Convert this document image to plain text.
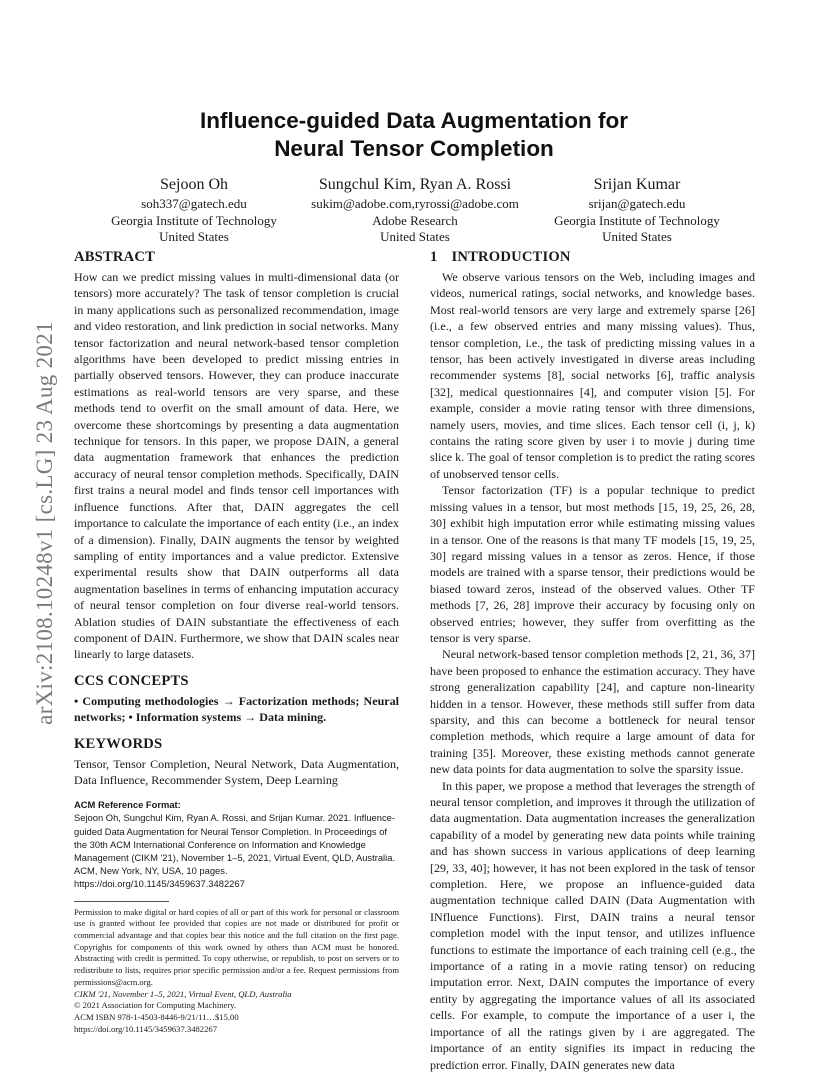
arXiv:2108.10248v1 [cs.LG] 23 Aug 2021
Influence-guided Data Augmentation for
Neural Tensor Completion
Sejoon Oh
soh337@gatech.edu
Georgia Institute of Technology
United States
Sungchul Kim, Ryan A. Rossi
sukim@adobe.com,ryrossi@adobe.com
Adobe Research
United States
Srijan Kumar
srijan@gatech.edu
Georgia Institute of Technology
United States
ABSTRACT

How can we predict missing values in multi-dimensional data (or tensors) more accurately? The task of tensor completion is crucial in many applications such as personalized recommendation, image and video restoration, and link prediction in social networks. Many tensor factorization and neural network-based tensor completion algorithms have been developed to predict missing entries in partially observed tensors. However, they can produce inaccurate estimations as real-world tensors are very sparse, and these methods tend to overfit on the small amount of data. Here, we overcome these shortcomings by presenting a data augmentation technique for tensors. In this paper, we propose DAIN, a general data augmentation framework that enhances the prediction accuracy of neural tensor completion methods. Specifically, DAIN first trains a neural model and finds tensor cell importances with influence functions. After that, DAIN aggregates the cell importance to calculate the importance of each entity (i.e., an index of a dimension). Finally, DAIN augments the tensor by weighted sampling of entity importances and a value predictor. Extensive experimental results show that DAIN outperforms all data augmentation baselines in terms of enhancing imputation accuracy of neural tensor completion on four diverse real-world tensors. Ablation studies of DAIN substantiate the effectiveness of each component of DAIN. Furthermore, we show that DAIN scales near linearly to large datasets.

CCS CONCEPTS

• Computing methodologies → Factorization methods; Neural networks; • Information systems → Data mining.

KEYWORDS

Tensor, Tensor Completion, Neural Network, Data Augmentation, Data Influence, Recommender System, Deep Learning

ACM Reference Format:

Sejoon Oh, Sungchul Kim, Ryan A. Rossi, and Srijan Kumar. 2021. Influence-guided Data Augmentation for Neural Tensor Completion. In Proceedings of the 30th ACM International Conference on Information and Knowledge Management (CIKM '21), November 1–5, 2021, Virtual Event, QLD, Australia. ACM, New York, NY, USA, 10 pages. https://doi.org/10.1145/3459637.3482267

Permission to make digital or hard copies of all or part of this work for personal or classroom use is granted without fee provided that copies are not made or distributed for profit or commercial advantage and that copies bear this notice and the full citation on the first page. Copyrights for components of this work owned by others than ACM must be honored. Abstracting with credit is permitted. To copy otherwise, or republish, to post on servers or to redistribute to lists, requires prior specific permission and/or a fee. Request permissions from permissions@acm.org.

CIKM '21, November 1–5, 2021, Virtual Event, QLD, Australia
© 2021 Association for Computing Machinery.
ACM ISBN 978-1-4503-8446-9/21/11…$15.00
https://doi.org/10.1145/3459637.3482267
1 INTRODUCTION

We observe various tensors on the Web, including images and videos, numerical ratings, social networks, and knowledge bases. Most real-world tensors are very large and extremely sparse [26] (i.e., a few observed entries and many missing values). Thus, tensor completion, i.e., the task of predicting missing values in a tensor, has been actively investigated in diverse areas including recommender systems [8], social networks [6], traffic analysis [32], medical questionnaires [4], and computer vision [5]. For example, consider a movie rating tensor with three dimensions, namely users, movies, and time slices. Each tensor cell (i, j, k) contains the rating score given by user i to movie j during time slice k. The goal of tensor completion is to predict the rating scores of unobserved tensor cells.

Tensor factorization (TF) is a popular technique to predict missing values in a tensor, but most methods [15, 19, 25, 26, 28, 30] exhibit high imputation error while estimating missing values in a tensor. One of the reasons is that many TF models [15, 19, 25, 30] regard missing values in a tensor as zeros. Hence, if those models are trained with a sparse tensor, their predictions would be biased toward zeros, instead of the observed values. Other TF methods [7, 26, 28] improve their accuracy by focusing only on observed entries; however, they suffer from overfitting as the tensor is very sparse.

Neural network-based tensor completion methods [2, 21, 36, 37] have been proposed to enhance the estimation accuracy. They have strong generalization capability [24], and capture non-linearity hidden in a tensor. However, these methods still suffer from data sparsity, and this can become a bottleneck for neural tensor completion methods, which require a large amount of data for training [35]. Moreover, these existing methods cannot generate new data points for data augmentation to solve the sparsity issue.

In this paper, we propose a method that leverages the strength of neural tensor completion, and improves it through the utilization of data augmentation. Data augmentation increases the generalization capability of a model by generating new data points while training and has shown success in various applications of deep learning [29, 33, 40]; however, it has not been explored in the task of tensor completion. Here, we propose an influence-guided data augmentation technique called DAIN (Data Augmentation with INfluence Functions). First, DAIN trains a neural tensor completion model with the input tensor, and utilizes influence functions to estimate the importance of each training cell (e.g., the importance of a rating in a movie rating tensor) on reducing imputation error. Next, DAIN computes the importance of every entity by aggregating the importance values of all its associated cells. For example, to compute the importance of a user i, the importance of all the ratings given by i are aggregated. The importance of an entity signifies its impact in reducing the prediction error. Finally, DAIN generates new data
